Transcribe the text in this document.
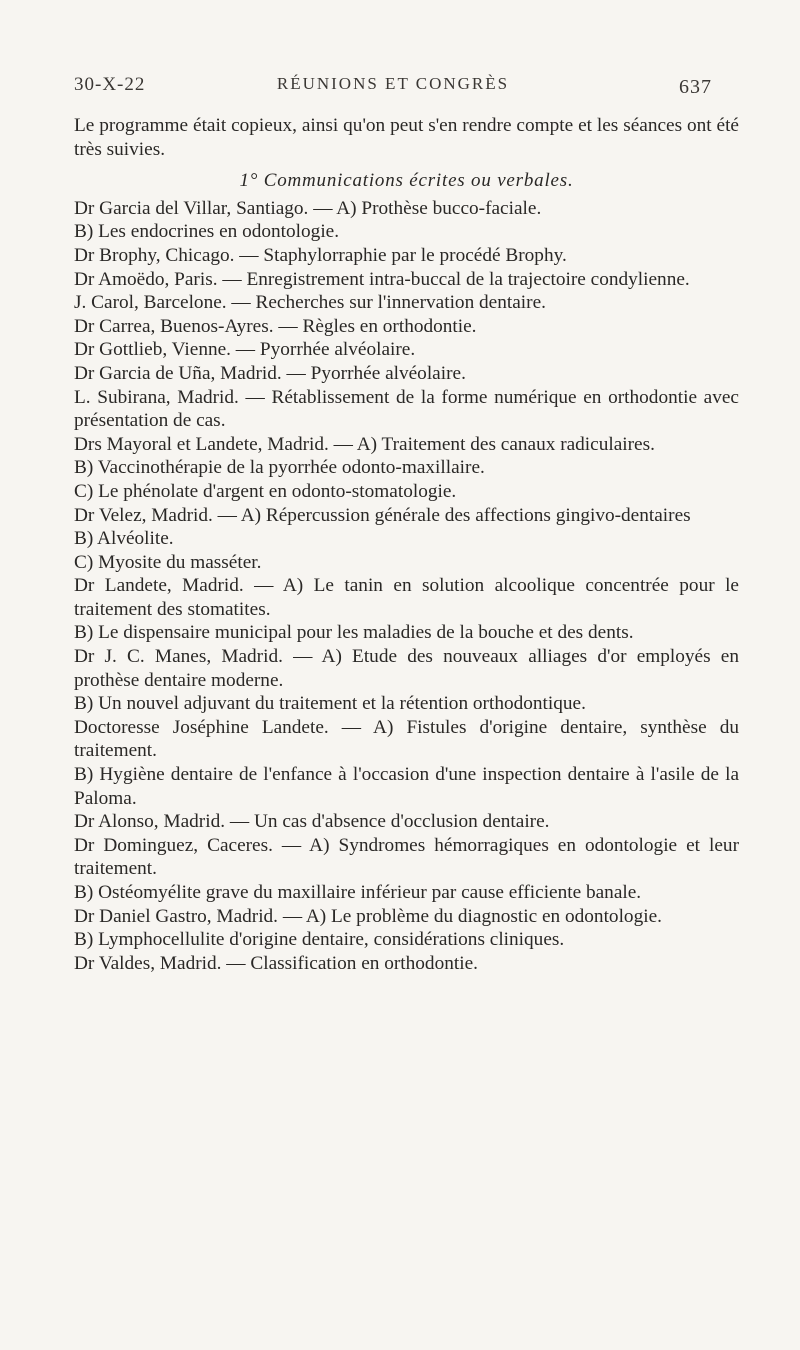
30-X-22	RÉUNIONS ET CONGRÈS	637

Le programme était copieux, ainsi qu'on peut s'en rendre compte et les séances ont été très suivies.

1° Communications écrites ou verbales.

Dr Garcia del Villar, Santiago. — A) Prothèse bucco-faciale.

B) Les endocrines en odontologie.

Dr Brophy, Chicago. — Staphylorraphie par le procédé Brophy.

Dr Amoëdo, Paris. — Enregistrement intra-buccal de la trajectoire condylienne.

J. Carol, Barcelone. — Recherches sur l'innervation dentaire.

Dr Carrea, Buenos-Ayres. — Règles en orthodontie.

Dr Gottlieb, Vienne. — Pyorrhée alvéolaire.

Dr Garcia de Uña, Madrid. — Pyorrhée alvéolaire.

L. Subirana, Madrid. — Rétablissement de la forme numérique en orthodontie avec présentation de cas.

Drs Mayoral et Landete, Madrid. — A) Traitement des canaux radiculaires.

B) Vaccinothérapie de la pyorrhée odonto-maxillaire.

C) Le phénolate d'argent en odonto-stomatologie.

Dr Velez, Madrid. — A) Répercussion générale des affections gingivo-dentaires

B) Alvéolite.

C) Myosite du masséter.

Dr Landete, Madrid. — A) Le tanin en solution alcoolique concentrée pour le traitement des stomatites.

B) Le dispensaire municipal pour les maladies de la bouche et des dents.

Dr J. C. Manes, Madrid. — A) Etude des nouveaux alliages d'or employés en prothèse dentaire moderne.

B) Un nouvel adjuvant du traitement et la rétention orthodontique.

Doctoresse Joséphine Landete. — A) Fistules d'origine dentaire, synthèse du traitement.

B) Hygiène dentaire de l'enfance à l'occasion d'une inspection dentaire à l'asile de la Paloma.

Dr Alonso, Madrid. — Un cas d'absence d'occlusion dentaire.

Dr Dominguez, Caceres. — A) Syndromes hémorragiques en odontologie et leur traitement.

B) Ostéomyélite grave du maxillaire inférieur par cause efficiente banale.

Dr Daniel Gastro, Madrid. — A) Le problème du diagnostic en odontologie.

B) Lymphocellulite d'origine dentaire, considérations cliniques.

Dr Valdes, Madrid. — Classification en orthodontie.
